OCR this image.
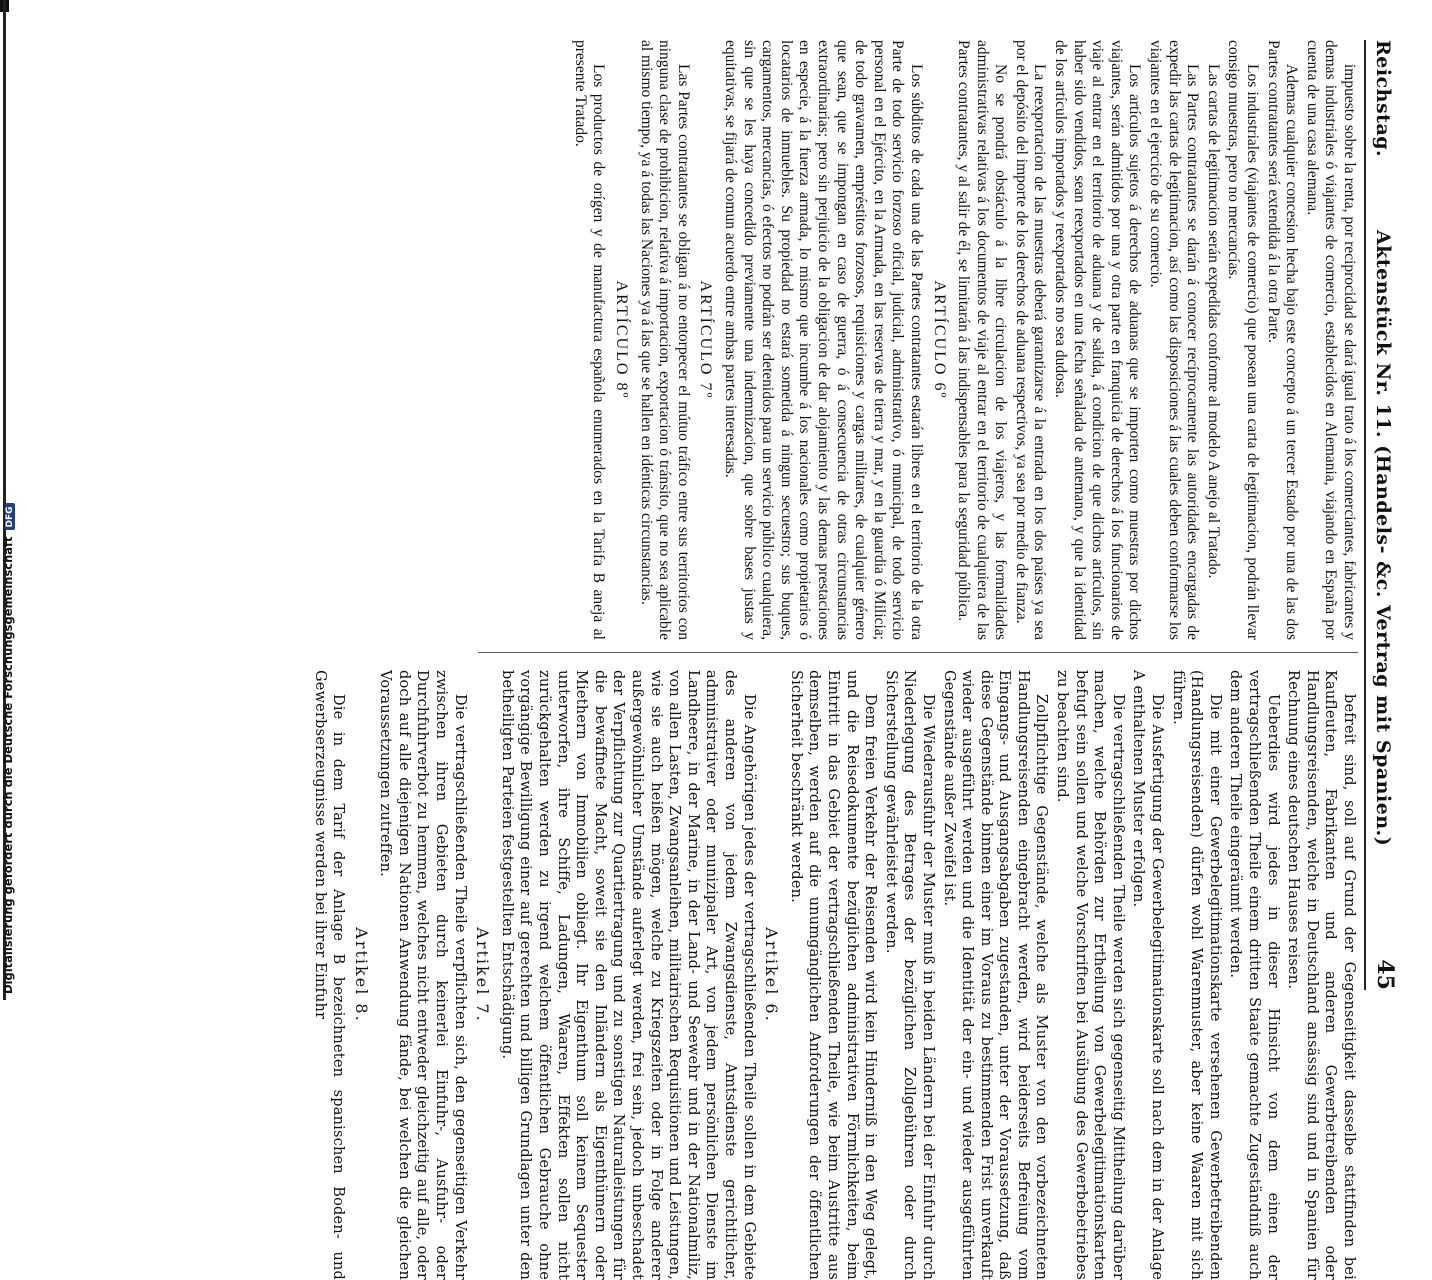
Digitalisierung gefördert durch die Deutsche ForschungsgemeinschaftDFG
Reichstag.
Aktenstück Nr. 11. (Handels- &c. Vertrag mit Spanien.)
45

impuesto sobre la renta, por reciprocidad se dará igual trato á los comerciantes, fabricantes y demas industriales ó viajantes de comercio, establecidos en Alemania, viajando en España por cuenta de una casa alemana.

Ademas cualquier concesion hecha bajo este concepto á un tercer Estado por una de las dos Partes contratantes será extendida á la otra Parte.

Los industriales (viajantes de comercio) que posean una carta de legitimacion, podrán llevar consigo muestras, pero no mercancías.

Las cartas de legitimacion serán expedidas conforme al modelo A anejo al Tratado.

Las Partes contratantes se darán á conocer recíprocamente las autoridades encargadas de expedir las cartas de legitimacion, así como las disposiciones á las cuales deben conformarse los viajantes en el ejercicio de su comercio.

Los artículos sujetos á derechos de aduanas que se importen como muestras por dichos viajantes, serán admitidos por una y otra parte en franquicia de derechos á los funcionarios de viaje al entrar en el territorio de aduana y de salida, á condicion de que dichos artículos, sin haber sido vendidos, sean reexportados en una fecha señalada de antemano, y que la identidad de los artículos importados y reexportados no sea dudosa.

La reexportacion de las muestras deberá garantizarse á la entrada en los dos países ya sea por el depósito del importe de los derechos de aduana respectivos, ya sea por medio de fianza.

No se pondrá obstáculo á la libre circulacion de los viajeros, y las formalidades administrativas relativas á los documentos de viaje al entrar en el territorio de cualquiera de las Partes contratantes, y al salir de él, se limitarán á las indispensables para la seguridad pública.

ARTÍCULO 6º

Los súbditos de cada una de las Partes contratantes estarán libres en el territorio de la otra Parte de todo servicio forzoso oficial, judicial, administrativo, ó municipal, de todo servicio personal en el Ejército, en la Armada, en las reservas de tierra y mar, y en la guardia ó Milicia; de todo gravamen, empréstitos forzosos, requisiciones y cargas militares, de cualquier género que sean, que se impongan en caso de guerra, ó á consecuencia de otras circunstancias extraordinarias; pero sin perjuicio de la obligacion de dar alojamiento y las demas prestaciones en especie, á la fuerza armada, lo mismo que incumbe á los nacionales como propietarios ó locatarios de inmuebles. Su propiedad no estará sometida á ningun secuestro; sus buques, cargamentos, mercancías, ó efectos no podrán ser detenidos para un servicio público cualquiera, sin que se les haya concedido previamente una indemnizacion, que sobre bases justas y equitativas, se fijará de comun acuerdo entre ambas partes interesadas.

ARTÍCULO 7º

Las Partes contratantes se obligan á no entorpecer el mútuo tráfico entre sus territorios con ninguna clase de prohibicion, relativa á importacion, exportacion ó tránsito, que no sea aplicable al mismo tiempo, ya á todas las Naciones ya á las que se hallen en idénticas circunstancias.

ARTÍCULO 8º

Los productos de orígen y de manufactura española enumerados en la Tarifa B aneja al presente Tratado.

befreit sind, soll auf Grund der Gegenseitigkeit dasselbe stattfinden bei Kaufleuten, Fabrikanten und anderen Gewerbetreibenden oder Handlungsreisenden, welche in Deutschland ansässig sind und in Spanien für Rechnung eines deutschen Hauses reisen.

Ueberdies wird jedes in dieser Hinsicht von dem einen der vertragschließenden Theile einem dritten Staate gemachte Zugeständniß auch dem anderen Theile eingeräumt werden.

Die mit einer Gewerbelegitimationskarte versehenen Gewerbetreibenden (Handlungsreisenden) dürfen wohl Warenmuster, aber keine Waaren mit sich führen.

Die Ausfertigung der Gewerbelegitimationskarte soll nach dem in der Anlage A enthaltenen Muster erfolgen.

Die vertragschließenden Theile werden sich gegenseitig Mittheilung darüber machen, welche Behörden zur Ertheilung von Gewerbelegitimationskarten befugt sein sollen und welche Vorschriften bei Ausübung des Gewerbebetriebes zu beachten sind.

Zollpflichtige Gegenstände, welche als Muster von den vorbezeichneten Handlungsreisenden eingebracht werden, wird beiderseits Befreiung vom Eingangs- und Ausgangsabgaben zugestanden, unter der Voraussetzung, daß diese Gegenstände binnen einer im Voraus zu bestimmenden Frist unverkauft wieder ausgeführt werden und die Identität der ein- und wieder ausgeführten Gegenstände außer Zweifel ist.

Die Wiederausfuhr der Muster muß in beiden Ländern bei der Einfuhr durch Niederlegung des Betrages der bezüglichen Zollgebühren oder durch Sicherstellung gewährleistet werden.

Dem freien Verkehr der Reisenden wird kein Hinderniß in den Weg gelegt, und die Reisedokumente bezüglichen administrativen Förmlichkeiten, beim Eintritt in das Gebiet der vertragschließenden Theile, wie beim Austritte aus demselben, werden auf die unumgänglichen Anforderungen der öffentlichen Sicherheit beschränkt werden.

Artikel 6.

Die Angehörigen jedes der vertragschließenden Theile sollen in dem Gebiete des anderen von jedem Zwangsdienste, Amtsdienste gerichtlicher, administrativer oder munizipaler Art, von jedem persönlichen Dienste im Landheere, in der Marine, in der Land- und Seewehr und in der Nationalmiliz, von allen Lasten, Zwangsanleihen, militairischen Requisitionen und Leistungen, wie sie auch heißen mögen, welche zu Kriegszeiten oder in Folge anderer außergewöhnlicher Umstände auferlegt werden, frei sein, jedoch unbeschadet der Verpflichtung zur Quartiertragung und zu sonstigen Naturalleistungen für die bewaffnete Macht, soweit sie den Inländern als Eigenthümern oder Miethern von Immobilien obliegt. Ihr Eigenthum soll keinem Sequester unterworfen, ihre Schiffe, Ladungen, Waaren, Effekten sollen nicht zurückgehalten werden zu irgend welchem öffentlichen Gebrauche ohne vorgängige Bewilligung einer auf gerechten und billigen Grundlagen unter den betheiligten Parteien festgestellten Entschädigung.

Artikel 7.

Die vertragschließenden Theile verpflichten sich, den gegenseitigen Verkehr zwischen ihren Gebieten durch keinerlei Einfuhr-, Ausfuhr- oder Durchfuhrverbot zu hemmen, welches nicht entweder gleichzeitig auf alle, oder doch auf alle diejenigen Nationen Anwendung fände, bei welchen die gleichen Voraussetzungen zutreffen.

Artikel 8.

Die in dem Tarif der Anlage B bezeichneten spanischen Boden- und Gewerbserzeugnisse werden bei ihrer Einfuhr
